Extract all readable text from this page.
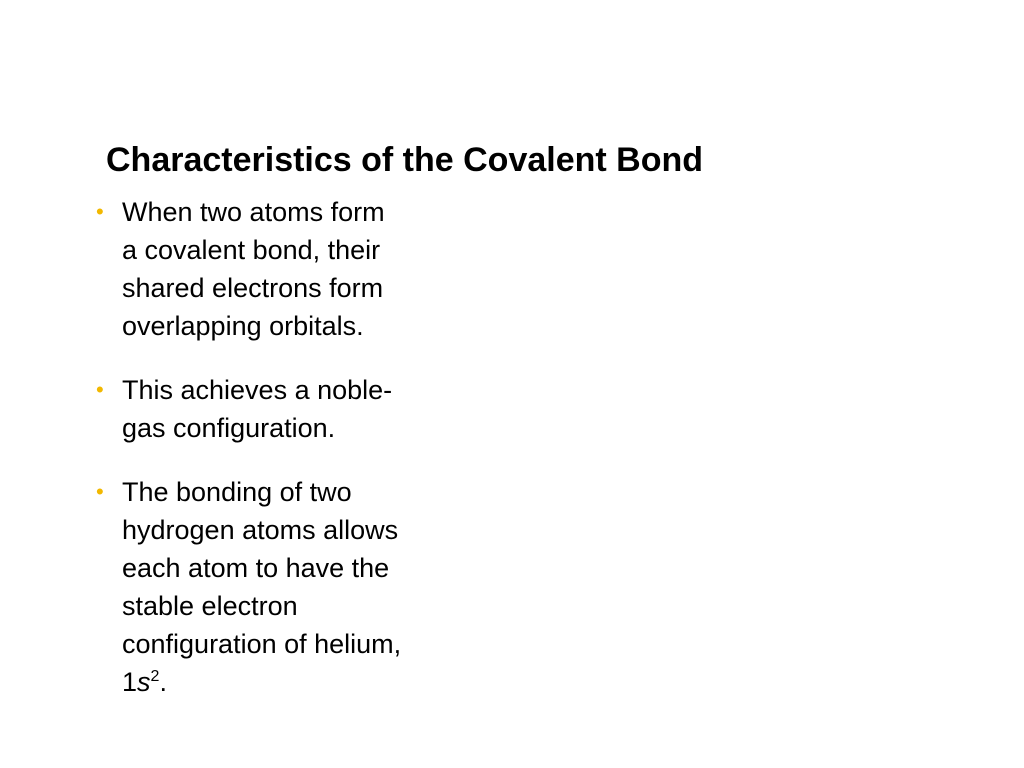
Characteristics of the Covalent Bond
• When two atoms form
a covalent bond, their
shared electrons form
overlapping orbitals.
• This achieves a noble-
gas configuration.
• The bonding of two
hydrogen atoms allows
each atom to have the
stable electron
configuration of helium,
$1s^2$.
